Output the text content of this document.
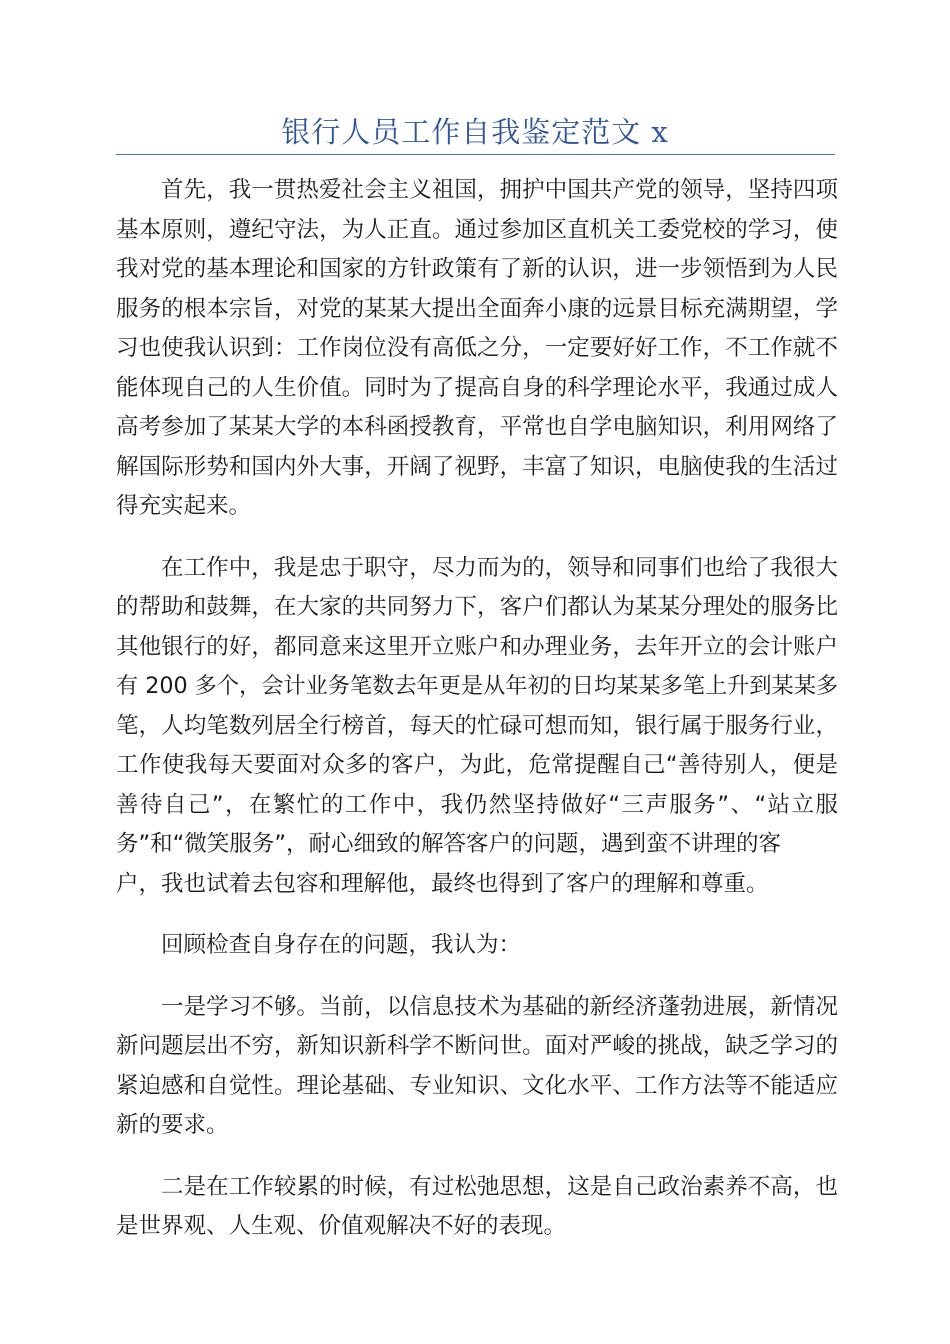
银行人员工作自我鉴定范文 x
首先，我一贯热爱社会主义祖国，拥护中国共产党的领导，坚持四项
基本原则，遵纪守法，为人正直。通过参加区直机关工委党校的学习，使
我对党的基本理论和国家的方针政策有了新的认识，进一步领悟到为人民
服务的根本宗旨，对党的某某大提出全面奔小康的远景目标充满期望，学
习也使我认识到：工作岗位没有高低之分，一定要好好工作，不工作就不
能体现自己的人生价值。同时为了提高自身的科学理论水平，我通过成人
高考参加了某某大学的本科函授教育，平常也自学电脑知识，利用网络了
解国际形势和国内外大事，开阔了视野，丰富了知识，电脑使我的生活过
得充实起来。
在工作中，我是忠于职守，尽力而为的，领导和同事们也给了我很大
的帮助和鼓舞，在大家的共同努力下，客户们都认为某某分理处的服务比
其他银行的好，都同意来这里开立账户和办理业务，去年开立的会计账户
有 200 多个，会计业务笔数去年更是从年初的日均某某多笔上升到某某多
笔，人均笔数列居全行榜首，每天的忙碌可想而知，银行属于服务行业，
工作使我每天要面对众多的客户，为此，危常提醒自己“善待别人，便是
善待自己”，在繁忙的工作中，我仍然坚持做好“三声服务”、“站立服
务”和“微笑服务”，耐心细致的解答客户的问题，遇到蛮不讲理的客
户，我也试着去包容和理解他，最终也得到了客户的理解和尊重。
回顾检查自身存在的问题，我认为：
一是学习不够。当前，以信息技术为基础的新经济蓬勃进展，新情况
新问题层出不穷，新知识新科学不断问世。面对严峻的挑战，缺乏学习的
紧迫感和自觉性。理论基础、专业知识、文化水平、工作方法等不能适应
新的要求。
二是在工作较累的时候，有过松弛思想，这是自己政治素养不高，也
是世界观、人生观、价值观解决不好的表现。
